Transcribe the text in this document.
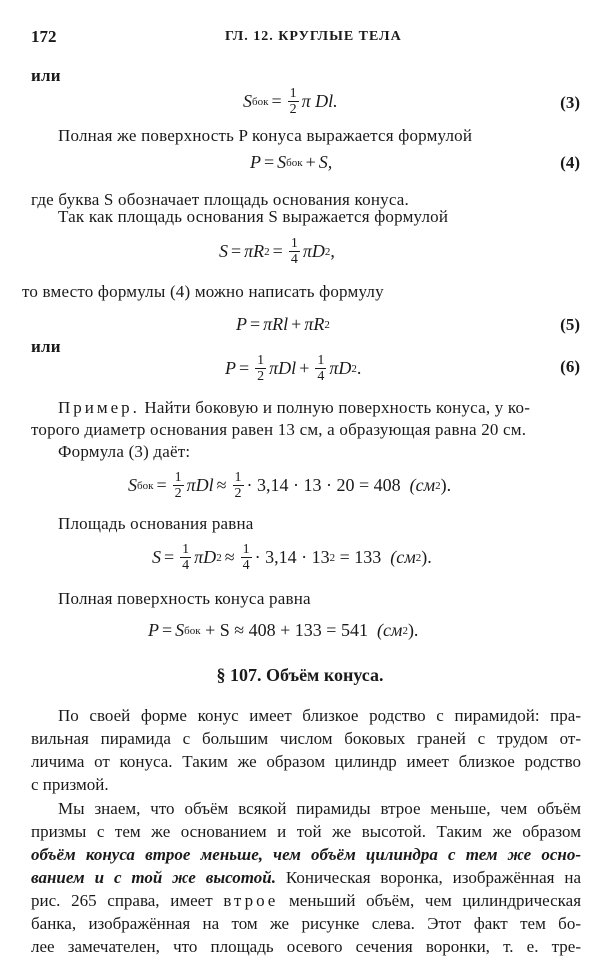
172	ГЛ. 12. КРУГЛЫЕ ТЕЛА
или
S бок = $\frac{1}{2}$ π Dl.	(3)
Полная же поверхность P конуса выражается формулой
P = S бок + S,	(4)
где буква S обозначает площадь основания конуса.
Так как площадь основания S выражается формулой
S = πR $2 = \frac{1}{4}$ πD 2 ,
то вместо формулы (4) можно написать формулу
P = πRl + πR 2	(5)
или
$P = \frac{1}{2}$ $\pi Dl + \frac{1}{4}$ πD 2 .	(6)
Пример. Найти боковую и полную поверхность конуса, у ко-
торого диаметр основания равен 13 см, а образующая равна 20 см.
Формула (3) даёт:
S бок = $\frac{1}{2}$ $\pi Dl \approx \frac{1}{2} \cdot 3,14 \cdot 13 \cdot 20$
= 408
(см 2 ).
Площадь основания равна
$S = \frac{1}{4}$ πD $2 \approx \frac{1}{4} \cdot 3,14 \cdot 13$ 2
= 133
(см 2 ).
Полная поверхность конуса равна
P = S бок
+ S ≈ 408 + 133 = 541
(см 2 ).
§ 107. Объём конуса.
По своей форме конус имеет близкое родство с пирамидой: пра-
вильная пирамида с большим числом боковых граней с трудом от-
личима от конуса. Таким же образом цилиндр имеет близкое родство
с призмой.
Мы знаем, что объём всякой пирамиды втрое меньше, чем объём
призмы с тем же основанием и той же высотой. Таким же образом
объём конуса втрое меньше, чем объём цилиндра с тем же осно-
ванием и с той же высотой. Коническая воронка, изображённая на
рис. 265 справа, имеет втрое меньший объём, чем цилиндрическая
банка, изображённая на том же рисунке слева. Этот факт тем бо-
лее замечателен, что площадь осевого сечения воронки, т. е. тре-
